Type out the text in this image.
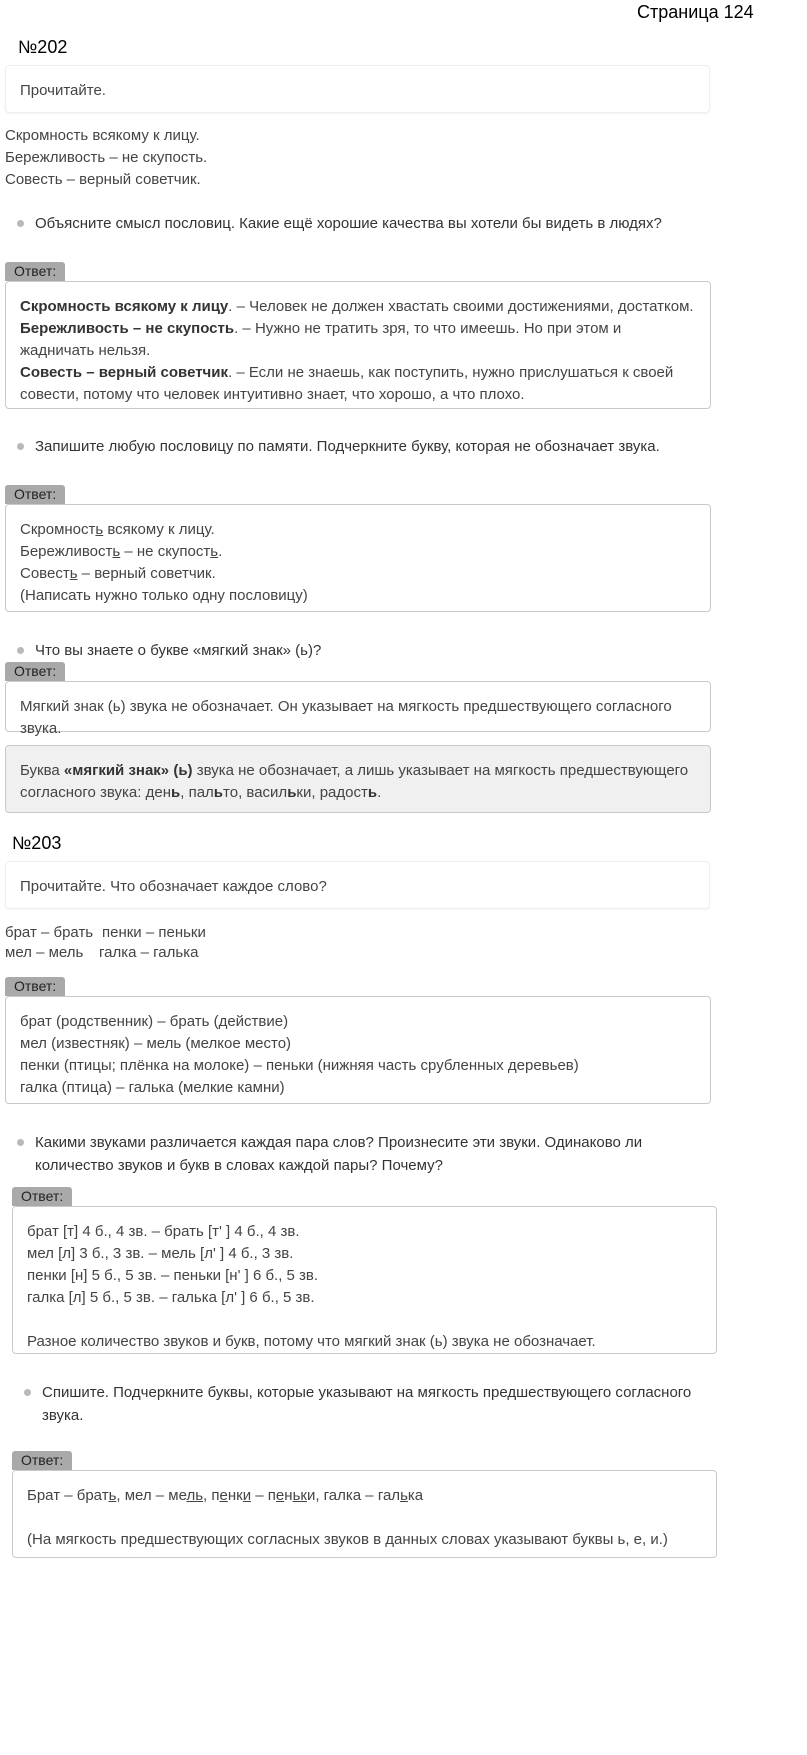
Страница 124
№202
Прочитайте.
Скромность всякому к лицу.
Бережливость – не скупость.
Совесть – верный советчик.
Объясните смысл пословиц. Какие ещё хорошие качества вы хотели бы видеть в людях?
Ответ:
Скромность всякому к лицу. – Человек не должен хвастать своими достижениями, достатком.
Бережливость – не скупость. – Нужно не тратить зря, то что имеешь. Но при этом и жадничать нельзя.
Совесть – верный советчик. – Если не знаешь, как поступить, нужно прислушаться к своей совести, потому что человек интуитивно знает, что хорошо, а что плохо.
Запишите любую пословицу по памяти. Подчеркните букву, которая не обозначает звука.
Ответ:
Скромность всякому к лицу.
Бережливость – не скупость.
Совесть – верный советчик.
(Написать нужно только одну пословицу)
Что вы знаете о букве «мягкий знак» (ь)?
Ответ:
Мягкий знак (ь) звука не обозначает. Он указывает на мягкость предшествующего согласного звука.
Буква «мягкий знак» (ь) звука не обозначает, а лишь указывает на мягкость предшествующего согласного звука: день, пальто, васильки, радость.
№203
Прочитайте. Что обозначает каждое слово?
брат – брать пенки – пеньки
мел – мель галка – галька
Ответ:
брат (родственник) – брать (действие)
мел (известняк) – мель (мелкое место)
пенки (птицы; плёнка на молоке) – пеньки (нижняя часть срубленных деревьев)
галка (птица) – галька (мелкие камни)
Какими звуками различается каждая пара слов? Произнесите эти звуки. Одинаково ли
количество звуков и букв в словах каждой пары? Почему?
Ответ:
брат [т] 4 б., 4 зв. – брать [т' ] 4 б., 4 зв.
мел [л] 3 б., 3 зв. – мель [л' ] 4 б., 3 зв.
пенки [н] 5 б., 5 зв. – пеньки [н' ] 6 б., 5 зв.
галка [л] 5 б., 5 зв. – галька [л' ] 6 б., 5 зв.
Разное количество звуков и букв, потому что мягкий знак (ь) звука не обозначает.
Спишите. Подчеркните буквы, которые указывают на мягкость предшествующего согласного
звука.
Ответ:
Брат – брать, мел – мель, пенки – пеньки, галка – галька
(На мягкость предшествующих согласных звуков в данных словах указывают буквы ь, е, и.)
